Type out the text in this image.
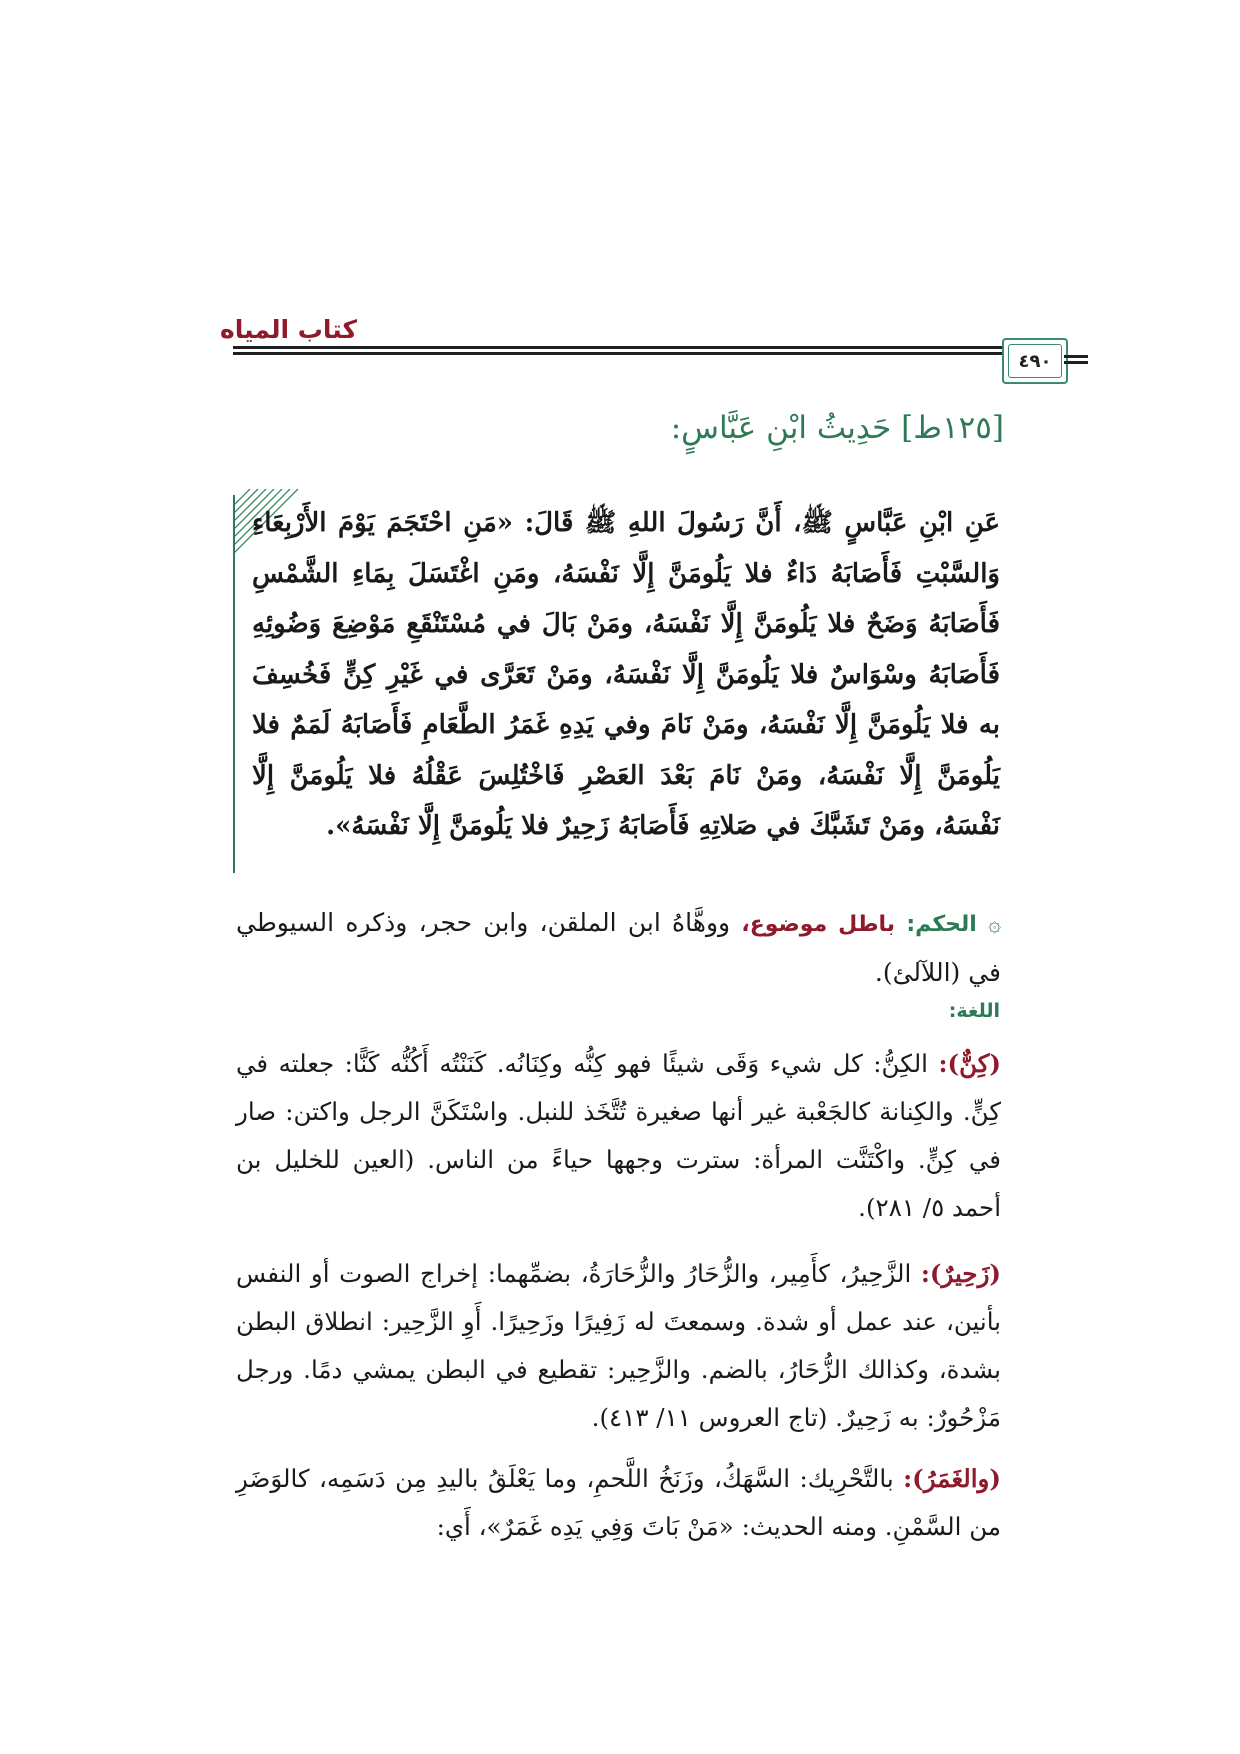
كتاب المياه
٤٩٠
[١٢٥ط] حَدِيثُ ابْنِ عَبَّاسٍ:
عَنِ ابْنِ عَبَّاسٍ ﷺ، أَنَّ رَسُولَ اللهِ ﷺ قَالَ: «مَنِ احْتَجَمَ يَوْمَ الأَرْبِعَاءِ وَالسَّبْتِ فَأَصَابَهُ دَاءٌ فلا يَلُومَنَّ إِلَّا نَفْسَهُ، ومَنِ اغْتَسَلَ بِمَاءِ الشَّمْسِ فَأَصَابَهُ وَضَحٌ فلا يَلُومَنَّ إِلَّا نَفْسَهُ، ومَنْ بَالَ في مُسْتَنْقَعِ مَوْضِعَ وَضُوئِهِ فَأَصَابَهُ وسْوَاسٌ فلا يَلُومَنَّ إِلَّا نَفْسَهُ، ومَنْ تَعَرَّى في غَيْرِ كِنٍّ فَخُسِفَ به فلا يَلُومَنَّ إِلَّا نَفْسَهُ، ومَنْ نَامَ وفي يَدِهِ غَمَرُ الطَّعَامِ فَأَصَابَهُ لَمَمٌ فلا يَلُومَنَّ إِلَّا نَفْسَهُ، ومَنْ نَامَ بَعْدَ العَصْرِ فَاخْتُلِسَ عَقْلُهُ فلا يَلُومَنَّ إِلَّا نَفْسَهُ، ومَنْ تَشَبَّكَ في صَلاتِهِ فَأَصَابَهُ زَحِيرٌ فلا يَلُومَنَّ إِلَّا نَفْسَهُ».
۞ الحكم: باطل موضوع، ووهَّاهُ ابن الملقن، وابن حجر، وذكره السيوطي في (اللآلئ).
اللغة:
(كِنٌّ): الكِنُّ: كل شيء وَقَى شيئًا فهو كِنُّه وكِنَانُه. كَنَنْتُه أَكُنُّه كَنًّا: جعلته في كِنٍّ. والكِنانة كالجَعْبة غير أنها صغيرة تُتَّخَذ للنبل. واسْتَكَنَّ الرجل واكتن: صار في كِنٍّ. واكْتَنَّت المرأة: سترت وجهها حياءً من الناس. (العين للخليل بن أحمد ٥/ ٢٨١).
(زَحِيرٌ): الزَّحِيرُ، كأَمِير، والزُّحَارُ والزُّحَارَةُ، بضمِّهما: إخراج الصوت أو النفس بأنين، عند عمل أو شدة. وسمعتَ له زَفِيرًا وزَحِيرًا. أَوِ الزَّحِير: انطلاق البطن بشدة، وكذالك الزُّحَارُ، بالضم. والزَّحِير: تقطيع في البطن يمشي دمًا. ورجل مَزْحُورٌ: به زَحِيرٌ. (تاج العروس ١١/ ٤١٣).
(والغَمَرُ): بالتَّحْرِيك: السَّهَكُ، وزَنَخُ اللَّحمِ، وما يَعْلَقُ باليدِ مِن دَسَمِه، كالوَضَرِ من السَّمْنِ. ومنه الحديث: «مَنْ بَاتَ وَفِي يَدِه غَمَرٌ»، أَي:
